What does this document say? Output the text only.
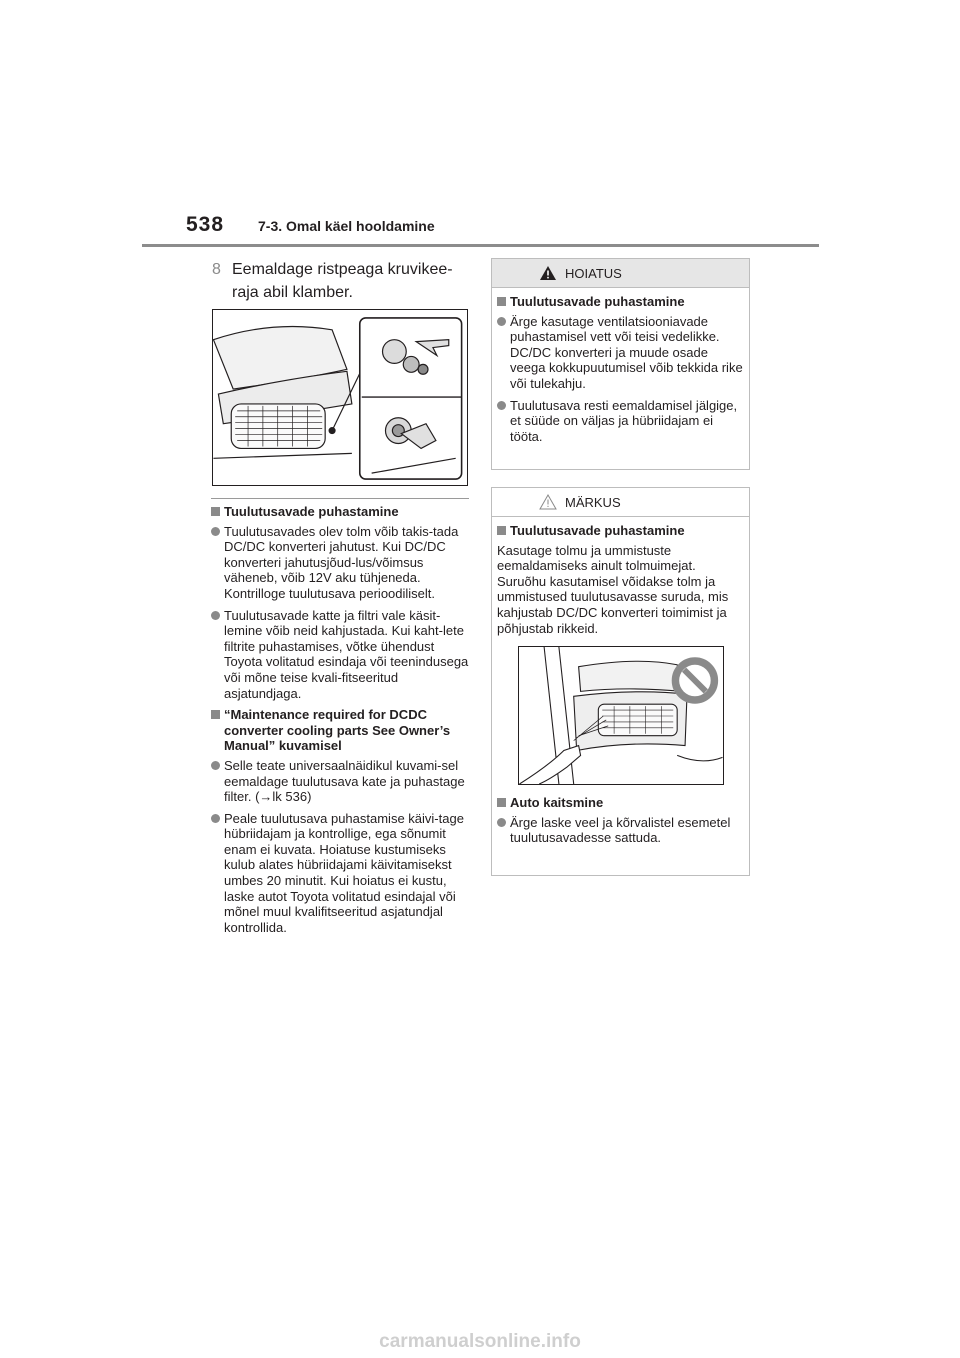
538 7-3. Omal käel hooldamine
8 Eemaldage ristpeaga kruvikee-raja abil klamber.
Tuulutusavade puhastamine
Tuulutusavades olev tolm võib takis-tada DC/DC konverteri jahutust. Kui DC/DC konverteri jahutusjõud-lus/võimsus väheneb, võib 12V aku tühjeneda. Kontrilloge tuulutusava perioodiliselt.
Tuulutusavade katte ja filtri vale käsit-lemine võib neid kahjustada. Kui kaht-lete filtrite puhastamises, võtke ühendust Toyota volitatud esindaja või teenindusega või mõne teise kvali-fitseeritud asjatundjaga.
“Maintenance required for DCDC converter cooling parts See Owner’s Manual” kuvamisel
Selle teate universaalnäidikul kuvami-sel eemaldage tuulutusava kate ja puhastage filter. (→lk 536)
Peale tuulutusava puhastamise käivi-tage hübriidajam ja kontrollige, ega sõnumit enam ei kuvata. Hoiatuse kustumiseks kulub alates hübriidajami käivitamisekst umbes 20 minutit. Kui hoiatus ei kustu, laske autot Toyota volitatud esindajal või mõnel muul kvalifitseeritud asjatundjal kontrollida.
HOIATUS
Tuulutusavade puhastamine
Ärge kasutage ventilatsiooniavade puhastamisel vett või teisi vedelikke. DC/DC konverteri ja muude osade veega kokkupuutumisel võib tekkida rike või tulekahju.
Tuulutusava resti eemaldamisel jälgige, et süüde on väljas ja hübriidajam ei tööta.
MÄRKUS
Tuulutusavade puhastamine
Kasutage tolmu ja ummistuste eemaldamiseks ainult tolmuimejat. Suruõhu kasutamisel võidakse tolm ja ummistused tuulutusavasse suruda, mis kahjustab DC/DC konverteri toimimist ja põhjustab rikkeid.
Auto kaitsmine
Ärge laske veel ja kõrvalistel esemetel tuulutusavadesse sattuda.
carmanualsonline.info
